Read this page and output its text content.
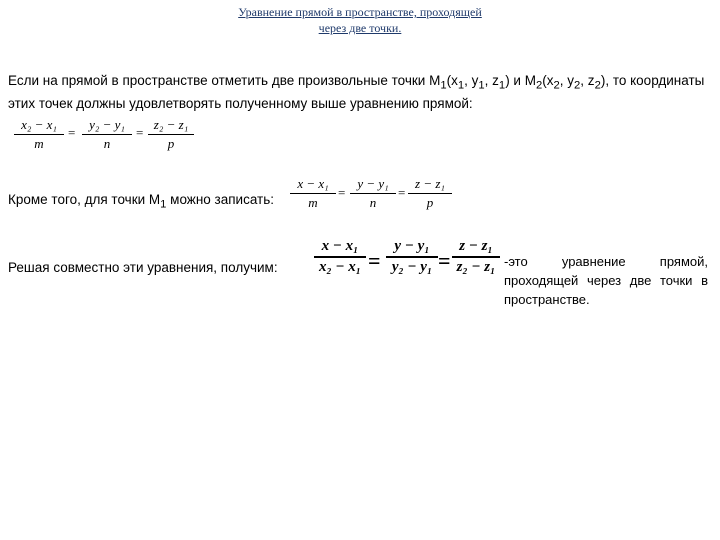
Уравнение прямой в пространстве, проходящей
через две точки.
Если на прямой в пространстве отметить две произвольные точки $M_1(x_1$, $y_1$, $z_1$) и $M_2(x_2$, $y_2$, $z_2$), то координаты этих точек должны удовлетворять полученному выше уравнению прямой:
x₂ − x₁
m
=
y₂ − y₁
n
=
z₂ − z₁
p
Кроме того, для точки $M_1$ можно записать:
x − x₁
m
=
y − y₁
n
=
z − z₁
p
Решая совместно эти уравнения, получим:
x − x₁
x₂ − x₁ =
y − y₁
y₂ − y₁ =
z − z₁
z₂ − z₁ -это уравнение прямой, проходящей через две точки в пространстве.
